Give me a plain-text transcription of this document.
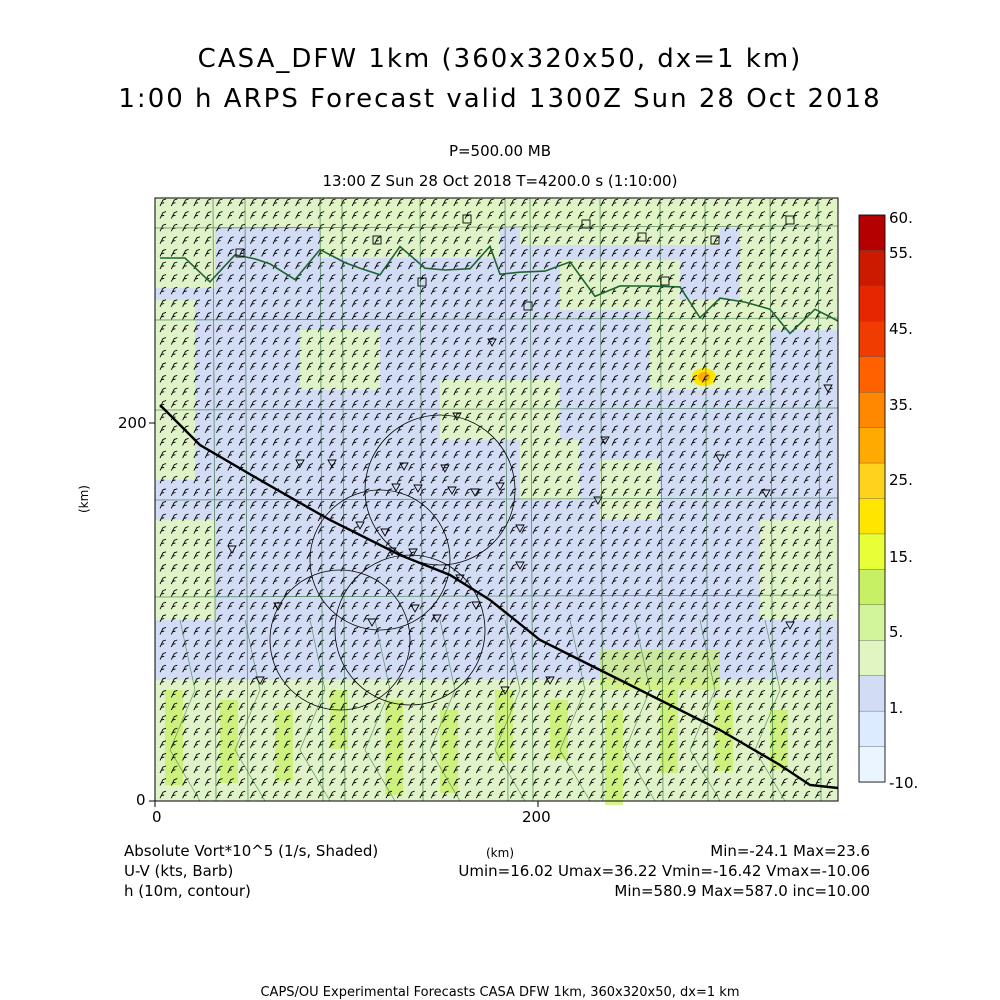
CASA_DFW 1km (360x320x50, dx=1 km)
1:00 h ARPS Forecast valid 1300Z Sun 28 Oct 2018
P=500.00 MB
13:00 Z Sun 28 Oct 2018 T=4200.0 s (1:10:00)
200
0
0	200
(km)
(km)
60.
55.
45.
35.
25.
15.
5.
1.
-10.
Absolute Vort*10^5 (1/s, Shaded)	Min=-24.1 Max=23.6
U-V (kts, Barb)	Umin=16.02 Umax=36.22 Vmin=-16.42 Vmax=-10.06
h (10m, contour)	Min=580.9 Max=587.0 inc=10.00
CAPS/OU Experimental Forecasts CASA DFW 1km, 360x320x50, dx=1 km
